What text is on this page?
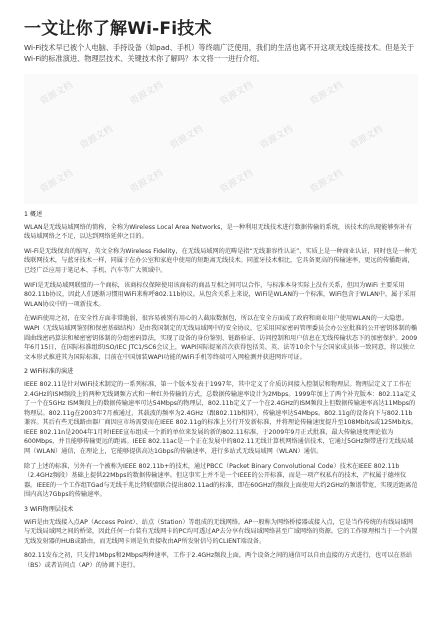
一文让你了解Wi-Fi技术
Wi-Fi技术早已被个人电脑、手持设备（如pad、手机）等终端广泛使用，我们的生活也离不开这项无线连接技术。但是关于Wi-Fi的标准演进、物理层技术、关键技术你了解吗？本文将一一进行介绍。
资源文档	资源文档	资源文档	资源文档
资源文档	资源文档	资源文档	资源文档
资源文档	资源文档	资源文档	资源文档
1 概述

WLAN是无线局域网络的简称，全称为Wireless Local Area Networks，是一种利用无线技术进行数据传输的系统，该技术的出现能够弥补有线局域网络之不足，以达到网络延伸之目的。

Wi-Fi是无线保真的缩写，英文全称为Wireless Fidelity，在无线局域网的范畴是指“无线兼容性认证”，实质上是一种商业认证，同时也是一种无线联网技术，与蓝牙技术一样，同属于在办公室和家庭中使用的短距离无线技术。同蓝牙技术相比，它具备更高的传输速率，更远的传播距离，已经广泛应用于笔记本、手机、汽车等广大领域中。

WIFI是无线局域网联盟的一个商标，该商标仅保障使用该商标的商品互相之间可以合作，与标准本身实际上没有关系，但因为WiFi 主要采用802.11b协议，因此人们逐渐习惯用WiFi来称呼802.11b协议。从包含关系上来说，WiFi是WLAN的一个标准，WiFi包含于WLAN中，属于采用WLAN协议中的一项新技术。

在WiFi使用之初，在安全性方面非常脆弱，很容易被别有用心的人截取数据包，所以在安全方面成了政府和商业用户使用WLAN的一大隐患。WAPI（无线局域网鉴别和保密基础结构）是由我国制定的无线局域网中的安全协议，它采用国家密码管理委员会办公室批准的公开密钥体制的椭圆曲线密码算法和秘密密钥体制的分组密码算法，实现了设备的身份鉴别、链路验证、访问控制和用户信息在无线传输状态下的加密保护。2009年6月15日，在国际标准组织ISO/IEC JTC1/SC6会议上，WAPI国际提案首次获得包括美、英、法等10余个与会国家成员体一致同意，将以独立文本形式推进其为国际标准，目前在中国加装WAPI功能的WiFi手机等终端可入网检测并获进网许可证。

2 WiFi标准的演进

IEEE 802.11是针对WiFi技术制定的一系列标准，第一个版本发表于1997年，其中定义了介质访问接入控制层和物理层。物理层定义了工作在2.4GHz的ISM频段上的两种无线调频方式和一种红外传输的方式，总数据传输速率设计为2Mbps。1999年加上了两个补充版本：802.11a定义了一个在5GHz ISM频段上的数据传输速率可达54Mbps的物理层，802.11b定义了一个在2.4GHz的ISM频段上但数据传输速率高达11Mbps的物理层。802.11g在2003年7月被通过，其载波的频率为2.4GHz（跟802.11b相同），传输速率达54Mbps。802.11g的设备向下与802.11b兼容。其后有些无线路由器厂商因应市场需要而在IEEE 802.11g的标准上另行开发新标准，并将理论传输速度提升至108Mbit/s或125Mbit/s。IEEE 802.11n是2004年1月时IEEE宣布组成一个新的单位来发展的新的802.11标准，于2009年9月正式批准，最大传输速度理论值为600Mbps，并且能够传输更远的距离。IEEE 802.11ac是一个正在发展中的802.11无线计算机网络通信技术，它通过5GHz频带进行无线局域网（WLAN）通信，在理论上，它能够提供高达1Gbps的传输速率，进行多站式无线局域网（WLAN）通信。

除了上述的标准，另外有一个被称为IEEE 802.11b+的技术，通过PBCC（Packet Binary Convolutional Code）技术在IEEE 802.11b（2.4GHz频段）基础上提供22Mbps的数据传输速率。但这事实上并不是一个IEEE的公开标准，而是一项产权私有的技术，产权属于德州仪器。IEEE的一个工作组TGad与无线千兆比特联盟联合提出802.11ad的标准，即在60GHz的频段上面使用大约2GHz的频谱带宽，实现近距离范围内高达7Gbps的传输速率。

3 WiFi物理层技术

WiFi是由无线接入点AP（Access Point）、站点（Station）等组成的无线网络。AP一般称为网络桥接器或接入点，它是当作传统的有线局域网与无线局域网之间的桥梁，因此任何一台装有无线网卡的PC均可透过AP去分享有线局域网络甚至广域网络的资源。它的工作原理相当于一个内置无线发射器的HUB或路由，而无线网卡则是负责接收由AP所发射信号的CLIENT端设备。

802.11发布之初，只支持1Mbps和2Mbps两种速率，工作于2.4GHz频段上面，两个设备之间的通信可以自由直接的方式进行，也可以在基站（BS）或者访问点（AP）的协调下进行。
